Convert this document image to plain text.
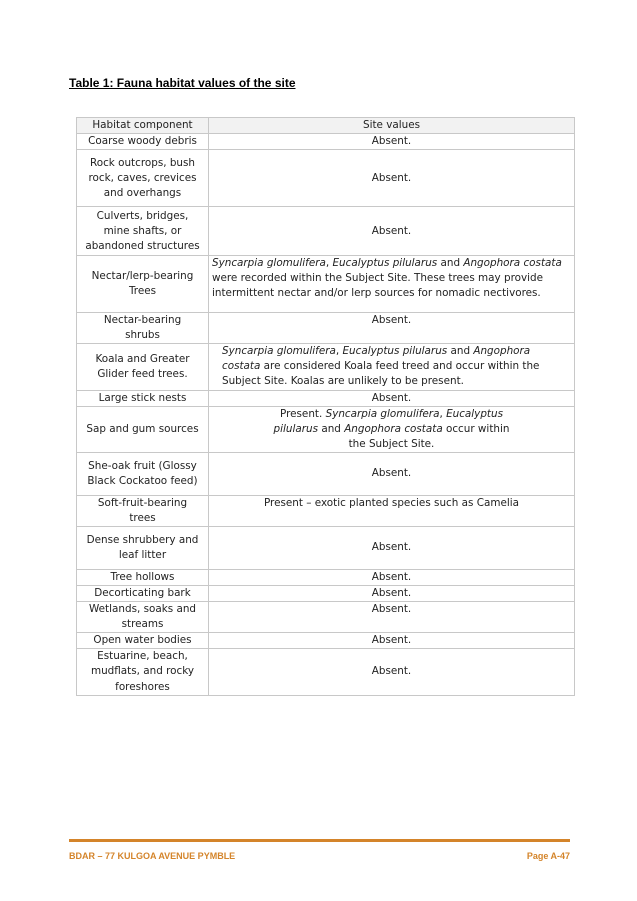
Table 1: Fauna habitat values of the site
Habitat component	Site values
Coarse woody debris	Absent.
Rock outcrops, bush rock, caves, crevices and overhangs	Absent.
Culverts, bridges, mine shafts, or abandoned structures	Absent.
Nectar/lerp-bearing Trees	Syncarpia glomulifera, Eucalyptus pilularus and Angophora costata were recorded within the Subject Site. These trees may provide intermittent nectar and/or lerp sources for nomadic nectivores.
Nectar-bearing shrubs	Absent.
Koala and Greater Glider feed trees.	Syncarpia glomulifera, Eucalyptus pilularus and Angophora costata are considered Koala feed treed and occur within the Subject Site. Koalas are unlikely to be present.
Large stick nests	Absent.
Sap and gum sources	Present. Syncarpia glomulifera, Eucalyptus pilularus and Angophora costata occur within the Subject Site.
She-oak fruit (Glossy Black Cockatoo feed)	Absent.
Soft-fruit-bearing trees	Present – exotic planted species such as Camelia
Dense shrubbery and leaf litter	Absent.
Tree hollows	Absent.
Decorticating bark	Absent.
Wetlands, soaks and streams	Absent.
Open water bodies	Absent.
Estuarine, beach, mudflats, and rocky foreshores	Absent.
BDAR – 77 KULGOA AVENUE PYMBLE	Page A-47
